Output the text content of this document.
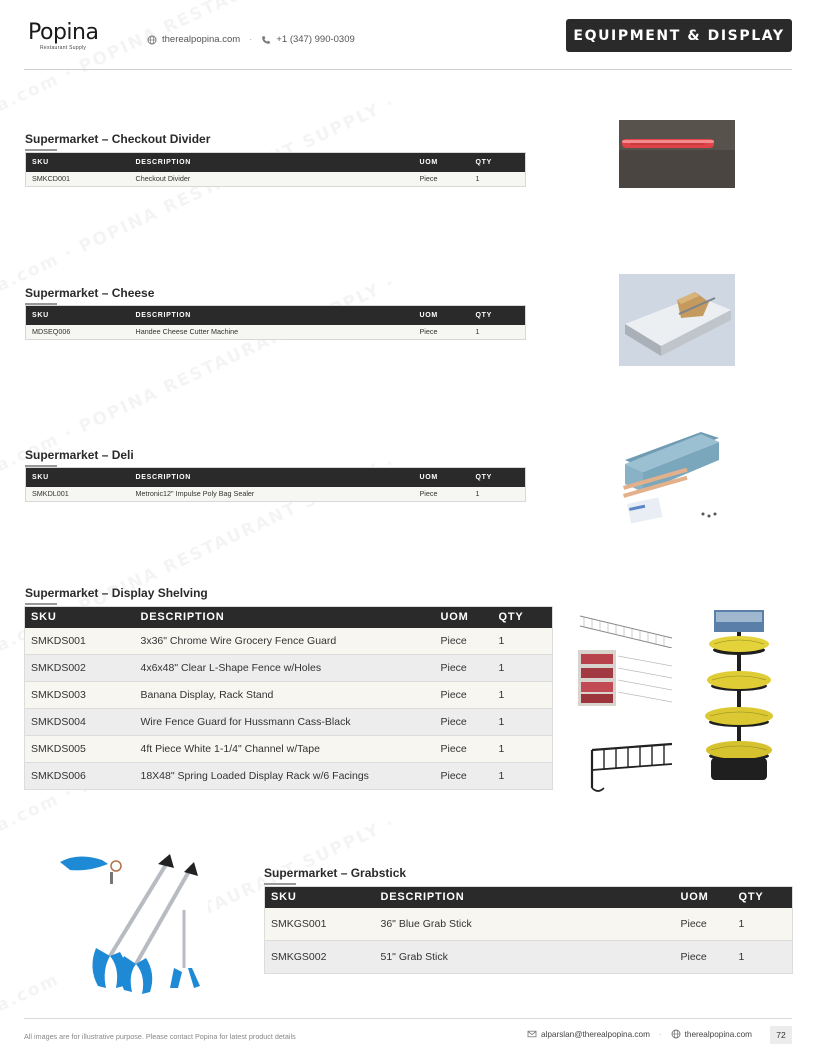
Popina
Restaurant Supply
therealpopina.com ·	+1 (347) 990-0309	EQUIPMENT & DISPLAY
Supermarket – Checkout Divider
SKU	DESCRIPTION	UOM	QTY
SMKCD001	Checkout Divider	Piece	1
Supermarket – Cheese
SKU	DESCRIPTION	UOM	QTY
MDSEQ006	Handee Cheese Cutter Machine	Piece	1
Supermarket – Deli
SKU	DESCRIPTION	UOM	QTY
SMKDL001	Metronic12" Impulse Poly Bag Sealer	Piece	1
Supermarket – Display Shelving
SKU	DESCRIPTION	UOM	QTY
SMKDS001	3x36" Chrome Wire Grocery Fence Guard	Piece	1
SMKDS002	4x6x48" Clear L-Shape Fence w/Holes	Piece	1
SMKDS003	Banana Display, Rack Stand	Piece	1
SMKDS004	Wire Fence Guard for Hussmann Cass-Black	Piece	1
SMKDS005	4ft Piece White 1-1/4" Channel w/Tape	Piece	1
SMKDS006	18X48" Spring Loaded Display Rack w/6 Facings	Piece	1
Supermarket – Grabstick
SKU	DESCRIPTION	UOM	QTY
SMKGS001	36" Blue Grab Stick	Piece	1
SMKGS002	51" Grab Stick	Piece	1
All images are for illustrative purpose. Please contact Popina for latest product details	alparslan@therealpopina.com ·	therealpopina.com	72
